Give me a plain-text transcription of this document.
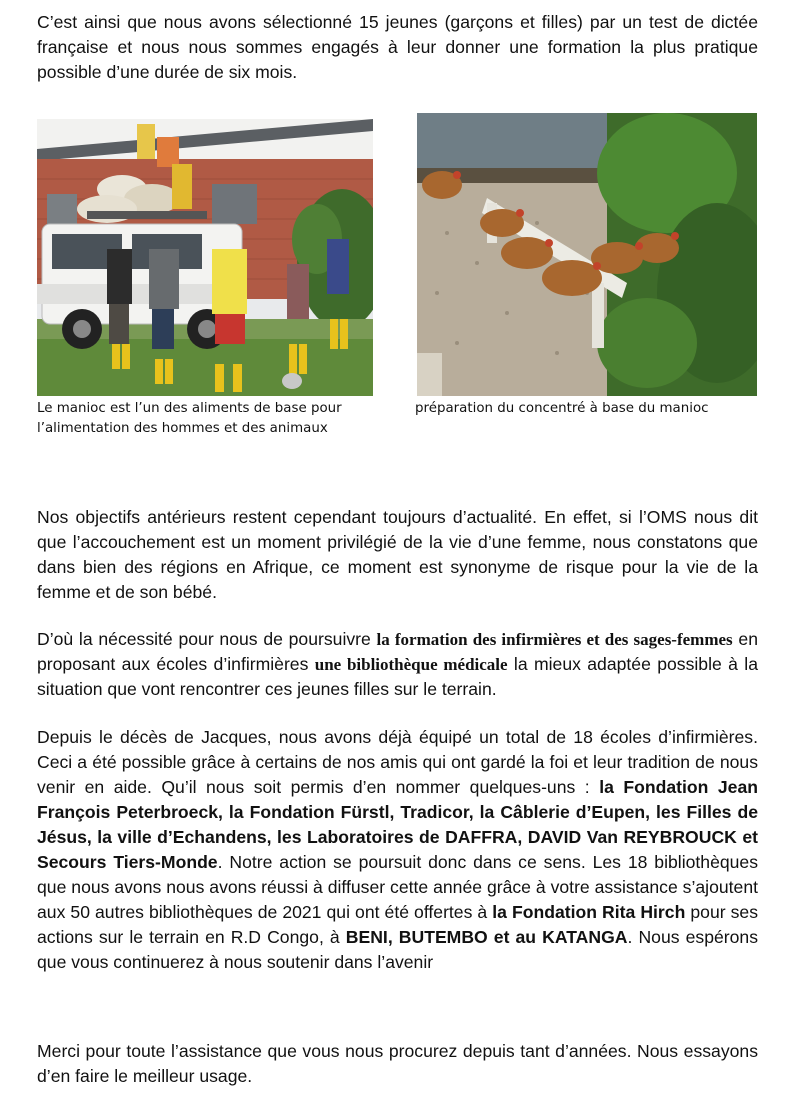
C’est ainsi que nous avons sélectionné 15 jeunes (garçons et filles) par un test de dictée française et nous nous sommes engagés à leur donner une formation la plus pratique possible d’une durée de six mois.

Le manioc est l’un des aliments de base pour
l’alimentation des hommes et des animaux

préparation du concentré à base du manioc

Nos objectifs antérieurs restent cependant toujours d’actualité. En effet, si l’OMS nous dit que l’accouchement est un moment privilégié de la vie d’une femme, nous constatons que dans bien des régions en Afrique, ce moment est synonyme de risque pour la vie de la femme et de son bébé.

D’où la nécessité pour nous de poursuivre la formation des infirmières et des sages-femmes en proposant aux écoles d’infirmières une bibliothèque médicale la mieux adaptée possible à la situation que vont rencontrer ces jeunes filles sur le terrain.

Depuis le décès de Jacques, nous avons déjà équipé un total de 18 écoles d’infirmières. Ceci a été possible grâce à certains de nos amis qui ont gardé la foi et leur tradition de nous venir en aide. Qu’il nous soit permis d’en nommer quelques-uns : la Fondation Jean François Peterbroeck, la Fondation Fürstl, Tradicor, la Câblerie d’Eupen, les Filles de Jésus, la ville d’Echandens, les Laboratoires de DAFFRA, DAVID Van REYBROUCK et Secours Tiers-Monde. Notre action se poursuit donc dans ce sens. Les 18 bibliothèques que nous avons nous avons réussi à diffuser cette année grâce à votre assistance s’ajoutent aux 50 autres bibliothèques de 2021 qui ont été offertes à la Fondation Rita Hirch pour ses actions sur le terrain en R.D Congo, à BENI, BUTEMBO et au KATANGA. Nous espérons que vous continuerez à nous soutenir dans l’avenir

Merci pour toute l’assistance que vous nous procurez depuis tant d’années. Nous essayons d’en faire le meilleur usage.
